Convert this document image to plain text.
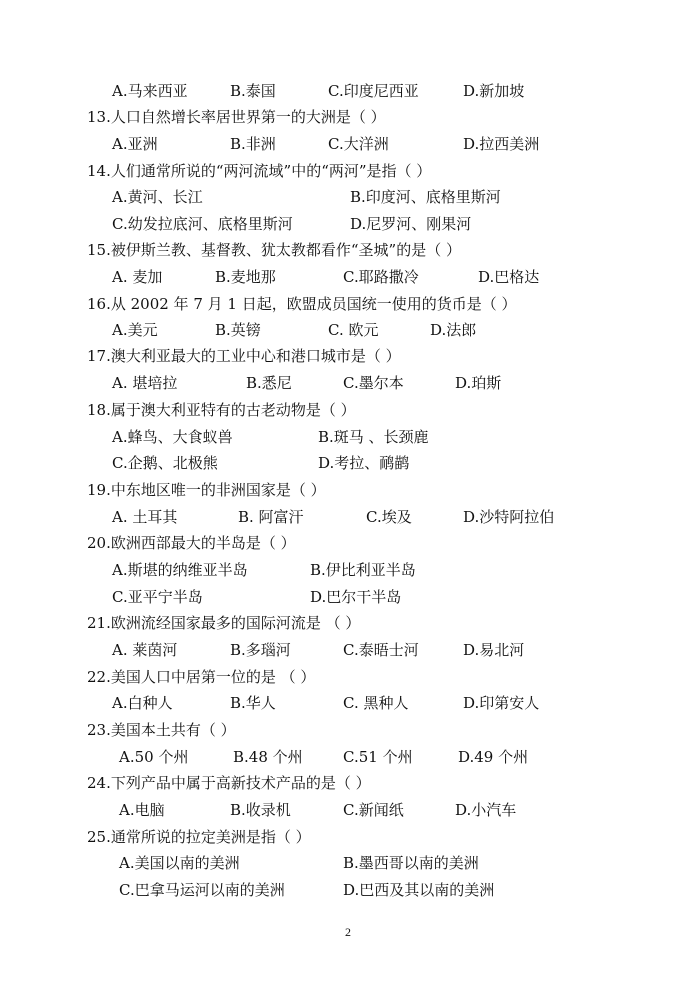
A.马来西亚	B.泰国	C.印度尼西亚	D.新加坡
13.人口自然增长率居世界第一的大洲是（ ）
A.亚洲	B.非洲	C.大洋洲	D.拉西美洲
14.人们通常所说的“两河流域”中的“两河”是指（ ）
A.黄河、长江	B.印度河、底格里斯河
C.幼发拉底河、底格里斯河	D.尼罗河、刚果河
15.被伊斯兰教、基督教、犹太教都看作“圣城”的是（ ）
A. 麦加	B.麦地那	C.耶路撒冷	D.巴格达
16.从 2002 年 7 月 1 日起，欧盟成员国统一使用的货币是（ ）
A.美元	B.英镑	C. 欧元	D.法郎
17.澳大利亚最大的工业中心和港口城市是（ ）
A. 堪培拉	B.悉尼	C.墨尔本	D.珀斯
18.属于澳大利亚特有的古老动物是（ ）
A.蜂鸟、大食蚁兽	B.斑马 、长颈鹿
C.企鹅、北极熊	D.考拉、鸸鹋
19.中东地区唯一的非洲国家是（ ）
A. 土耳其	B. 阿富汗	C.埃及	D.沙特阿拉伯
20.欧洲西部最大的半岛是（ ）
A.斯堪的纳维亚半岛	B.伊比利亚半岛
C.亚平宁半岛	D.巴尔干半岛
21.欧洲流经国家最多的国际河流是 （ ）
A. 莱茵河	B.多瑙河	C.泰晤士河	D.易北河
22.美国人口中居第一位的是 （ ）
A.白种人	B.华人	C. 黑种人	D.印第安人
23.美国本土共有（ ）
A.50 个州	B.48 个州	C.51 个州	D.49 个州
24.下列产品中属于高新技术产品的是（ ）
A.电脑	B.收录机	C.新闻纸	D.小汽车
25.通常所说的拉定美洲是指（ ）
A.美国以南的美洲	B.墨西哥以南的美洲
C.巴拿马运河以南的美洲	D.巴西及其以南的美洲
2
